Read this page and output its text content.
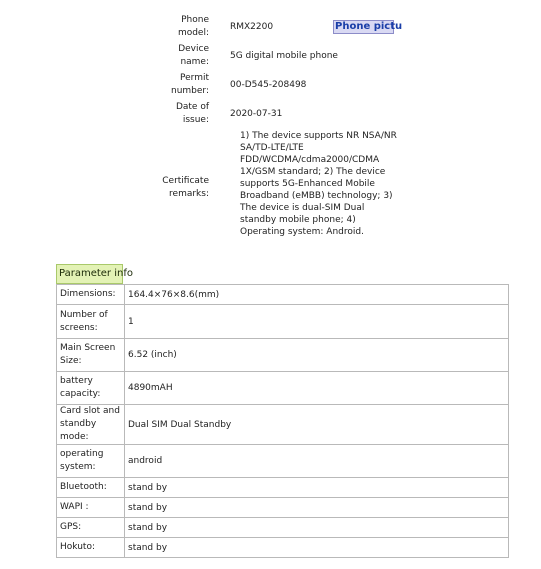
Phone model:
RMX2200
Device name:
5G digital mobile phone
Permit number:
00-D545-208498
Date of issue:
2020-07-31
Certificate remarks:
1) The device supports NR NSA/NR SA/TD-LTE/LTE FDD/WCDMA/cdma2000/CDMA 1X/GSM standard; 2) The device supports 5G-Enhanced Mobile Broadband (eMBB) technology; 3) The device is dual-SIM Dual standby mobile phone; 4) Operating system: Android.
Phone pictu
Parameter info
Dimensions:	164.4×76×8.6(mm)
Number of screens:	1
Main Screen Size:	6.52 (inch)
battery capacity:	4890mAH
Card slot and standby mode:	Dual SIM Dual Standby
operating system:	android
Bluetooth:	stand by
WAPI :	stand by
GPS:	stand by
Hokuto:	stand by
